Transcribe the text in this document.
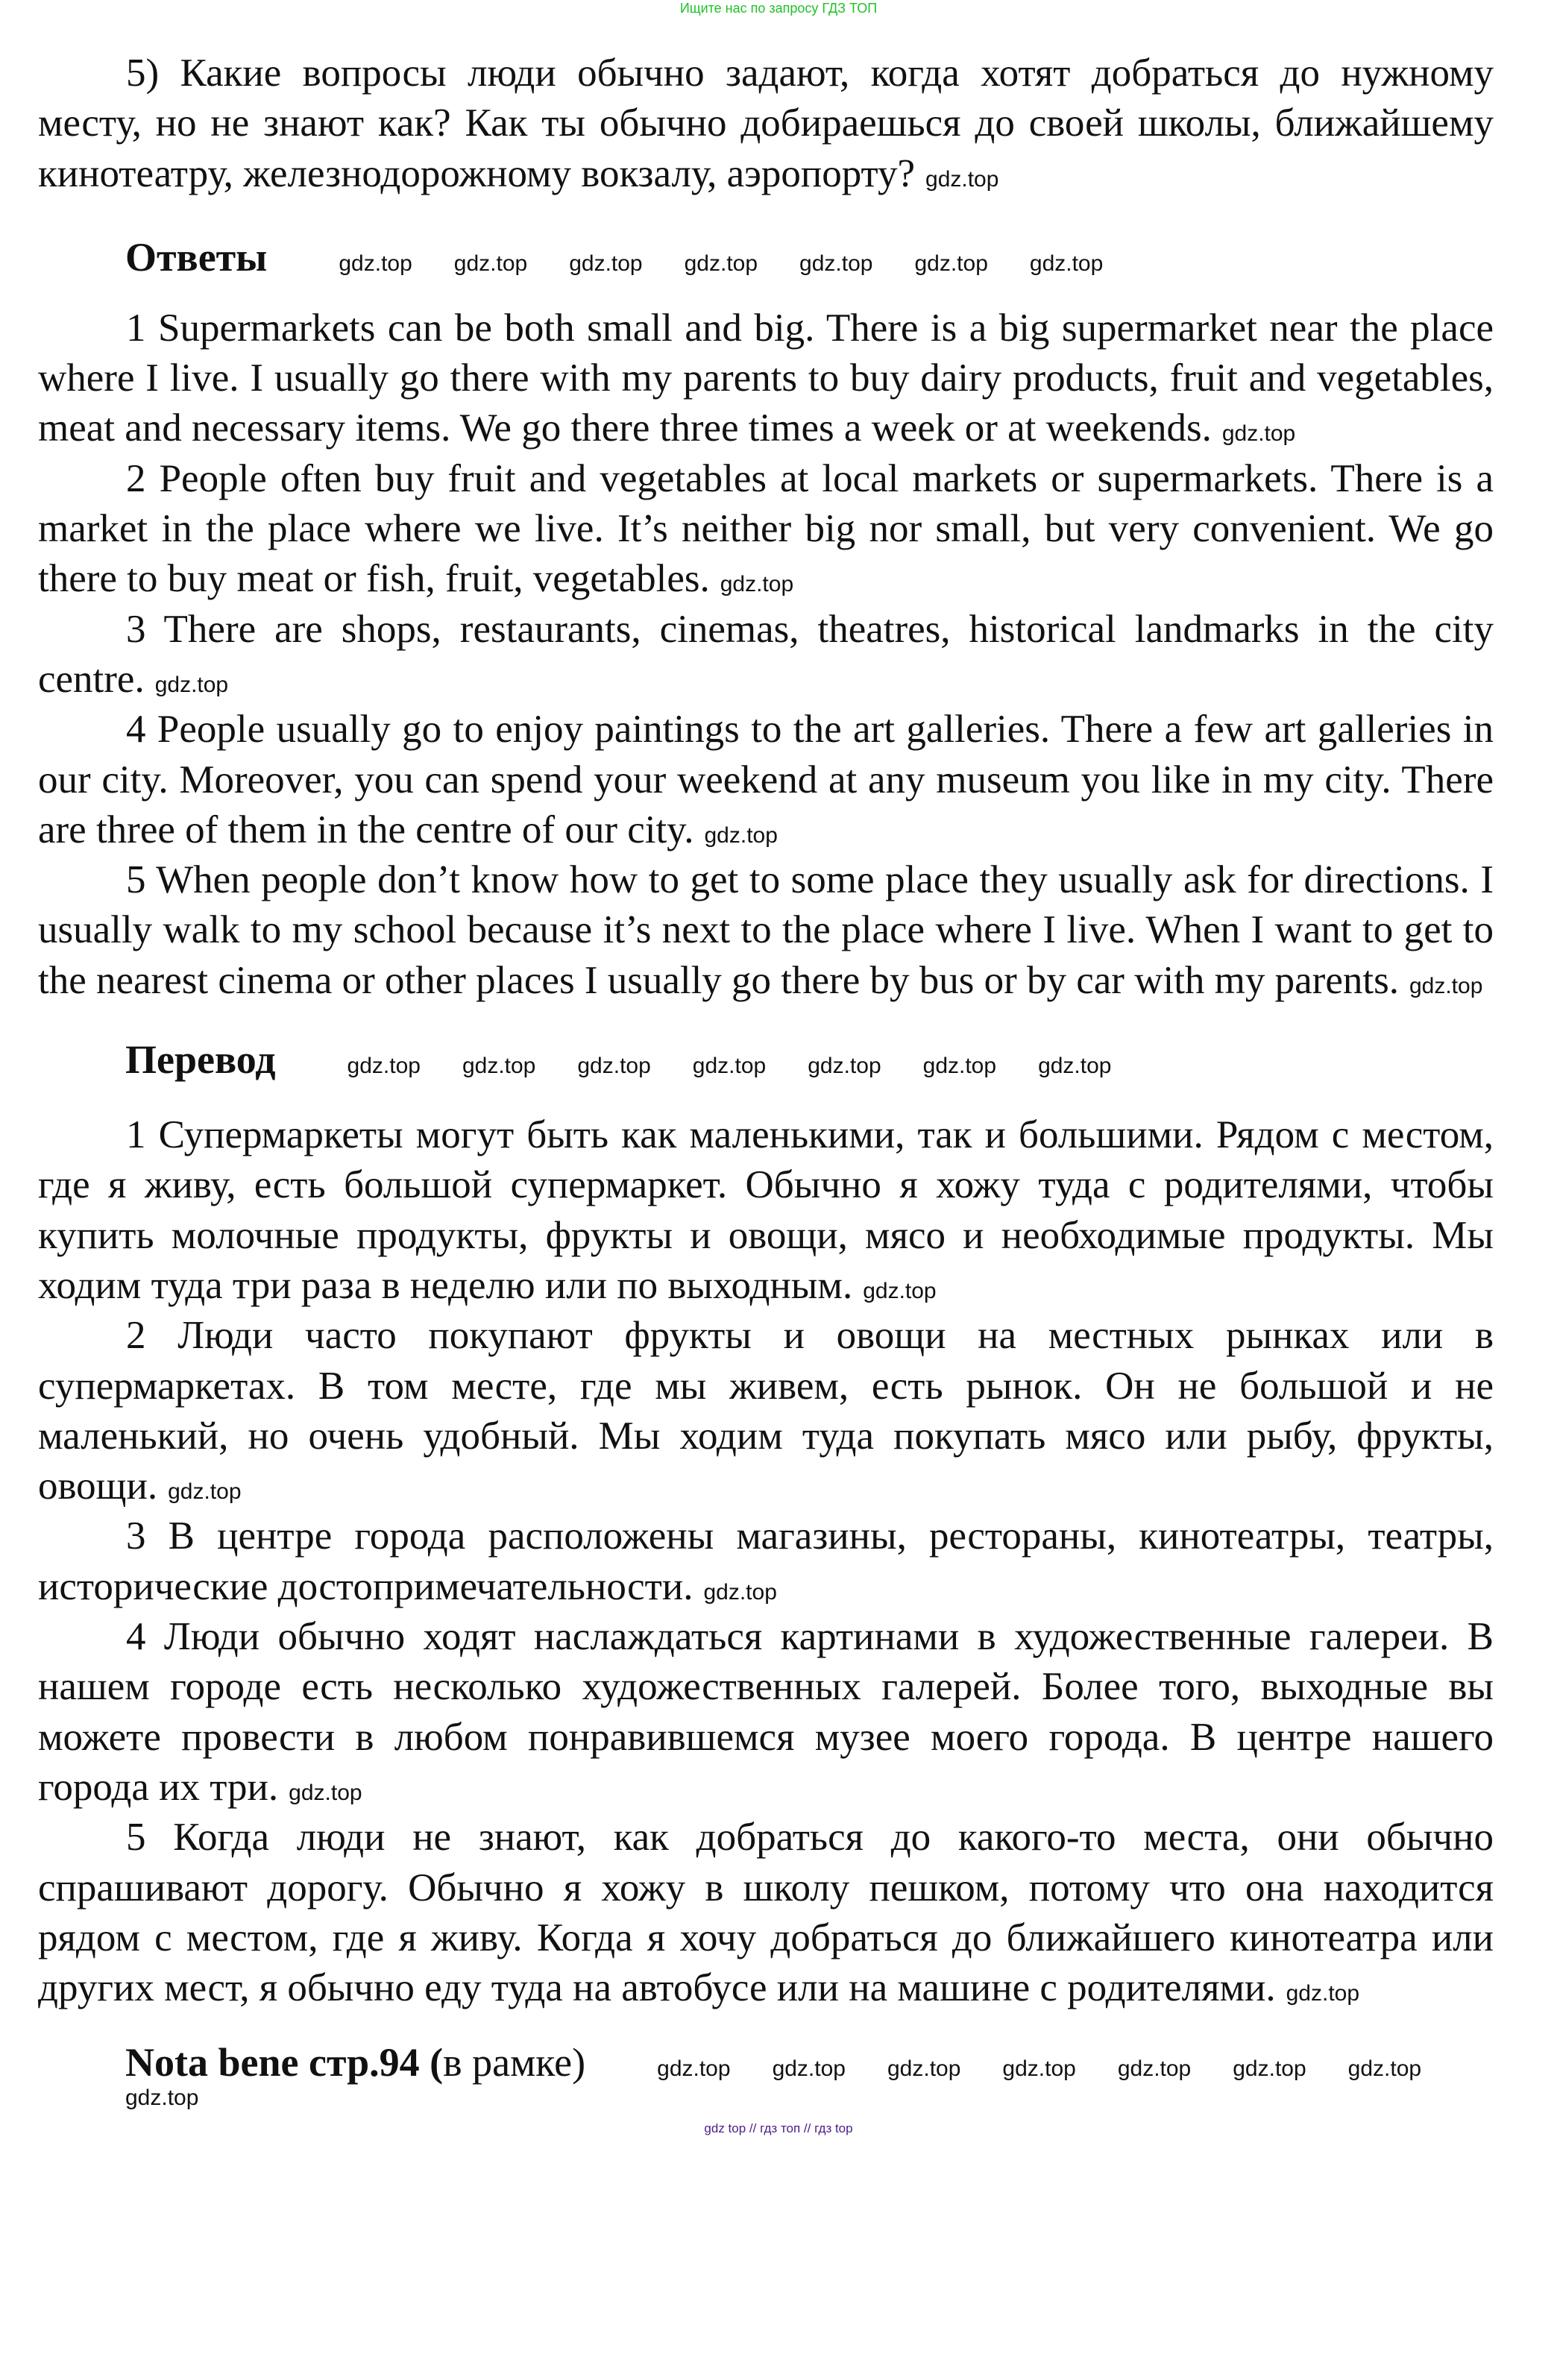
Ищите нас по запросу ГДЗ ТОП
5) Какие вопросы люди обычно задают, когда хотят добраться до нужному месту, но не знают как? Как ты обычно добираешься до своей школы, ближайшему кинотеатру, железнодорожному вокзалу, аэропорту? gdz.top
Ответы	gdz.top gdz.top gdz.top gdz.top gdz.top gdz.top gdz.top

1 Supermarkets can be both small and big. There is a big supermarket near the place where I live. I usually go there with my parents to buy dairy products, fruit and vegetables, meat and necessary items. We go there three times a week or at weekends. gdz.top

2 People often buy fruit and vegetables at local markets or supermarkets. There is a market in the place where we live. It’s neither big nor small, but very convenient. We go there to buy meat or fish, fruit, vegetables. gdz.top

3 There are shops, restaurants, cinemas, theatres, historical landmarks in the city centre. gdz.top

4 People usually go to enjoy paintings to the art galleries. There a few art galleries in our city. Moreover, you can spend your weekend at any museum you like in my city. There are three of them in the centre of our city. gdz.top

5 When people don’t know how to get to some place they usually ask for directions. I usually walk to my school because it’s next to the place where I live. When I want to get to the nearest cinema or other places I usually go there by bus or by car with my parents. gdz.top

Перевод	gdz.top gdz.top gdz.top gdz.top gdz.top gdz.top gdz.top

1 Супермаркеты могут быть как маленькими, так и большими. Рядом с местом, где я живу, есть большой супермаркет. Обычно я хожу туда с родителями, чтобы купить молочные продукты, фрукты и овощи, мясо и необходимые продукты. Мы ходим туда три раза в неделю или по выходным. gdz.top

2 Люди часто покупают фрукты и овощи на местных рынках или в супермаркетах. В том месте, где мы живем, есть рынок. Он не большой и не маленький, но очень удобный. Мы ходим туда покупать мясо или рыбу, фрукты, овощи. gdz.top

3 В центре города расположены магазины, рестораны, кинотеатры, театры, исторические достопримечательности. gdz.top

4 Люди обычно ходят наслаждаться картинами в художественные галереи. В нашем городе есть несколько художественных галерей. Более того, выходные вы можете провести в любом понравившемся музее моего города. В центре нашего города их три. gdz.top

5 Когда люди не знают, как добраться до какого-то места, они обычно спрашивают дорогу. Обычно я хожу в школу пешком, потому что она находится рядом с местом, где я живу. Когда я хочу добраться до ближайшего кинотеатра или других мест, я обычно еду туда на автобусе или на машине с родителями. gdz.top

Nota bene стр.94 (в рамке)	gdz.top gdz.top gdz.top gdz.top gdz.top gdz.top gdz.top
gdz.top
gdz top // гдз топ // гдз top
